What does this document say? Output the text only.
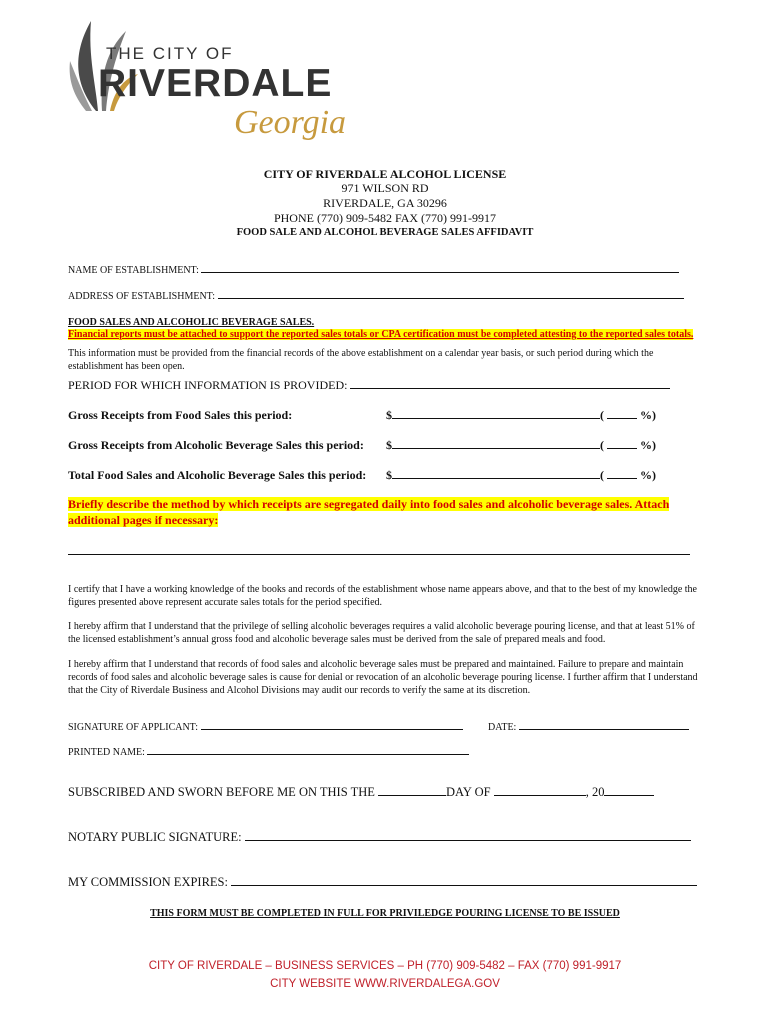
THE CITY OF
RIVERDALE
Georgia
CITY OF RIVERDALE ALCOHOL LICENSE
971 WILSON RD
RIVERDALE, GA 30296
PHONE (770) 909-5482 FAX (770) 991-9917
FOOD SALE AND ALCOHOL BEVERAGE SALES AFFIDAVIT
NAME OF ESTABLISHMENT:
ADDRESS OF ESTABLISHMENT:
FOOD SALES AND ALCOHOLIC BEVERAGE SALES.
Financial reports must be attached to support the reported sales totals or CPA certification must be completed attesting to the reported sales totals.
This information must be provided from the financial records of the above establishment on a calendar year basis, or such period during which the establishment has been open.
PERIOD FOR WHICH INFORMATION IS PROVIDED:
Gross Receipts from Food Sales this period:	$	(	%)
Gross Receipts from Alcoholic Beverage Sales this period: $	(	%)
Total Food Sales and Alcoholic Beverage Sales this period: $	(	%)
Briefly describe the method by which receipts are segregated daily into food sales and alcoholic beverage sales. Attach additional pages if necessary:
I certify that I have a working knowledge of the books and records of the establishment whose name appears above, and that to the best of my knowledge the figures presented above represent accurate sales totals for the period specified.
I hereby affirm that I understand that the privilege of selling alcoholic beverages requires a valid alcoholic beverage pouring license, and that at least 51% of the licensed establishment’s annual gross food and alcoholic beverage sales must be derived from the sale of prepared meals and food.
I hereby affirm that I understand that records of food sales and alcoholic beverage sales must be prepared and maintained. Failure to prepare and maintain records of food sales and alcoholic beverage sales is cause for denial or revocation of an alcoholic beverage pouring license. I further affirm that I understand that the City of Riverdale Business and Alcohol Divisions may audit our records to verify the same at its discretion.
SIGNATURE OF APPLICANT:	DATE:
PRINTED NAME:
SUBSCRIBED AND SWORN BEFORE ME ON THIS THE	DAY OF	, 20
NOTARY PUBLIC SIGNATURE:
MY COMMISSION EXPIRES:
THIS FORM MUST BE COMPLETED IN FULL FOR PRIVILEDGE POURING LICENSE TO BE ISSUED
CITY OF RIVERDALE – BUSINESS SERVICES – PH (770) 909-5482 – FAX (770) 991-9917
CITY WEBSITE WWW.RIVERDALEGA.GOV
